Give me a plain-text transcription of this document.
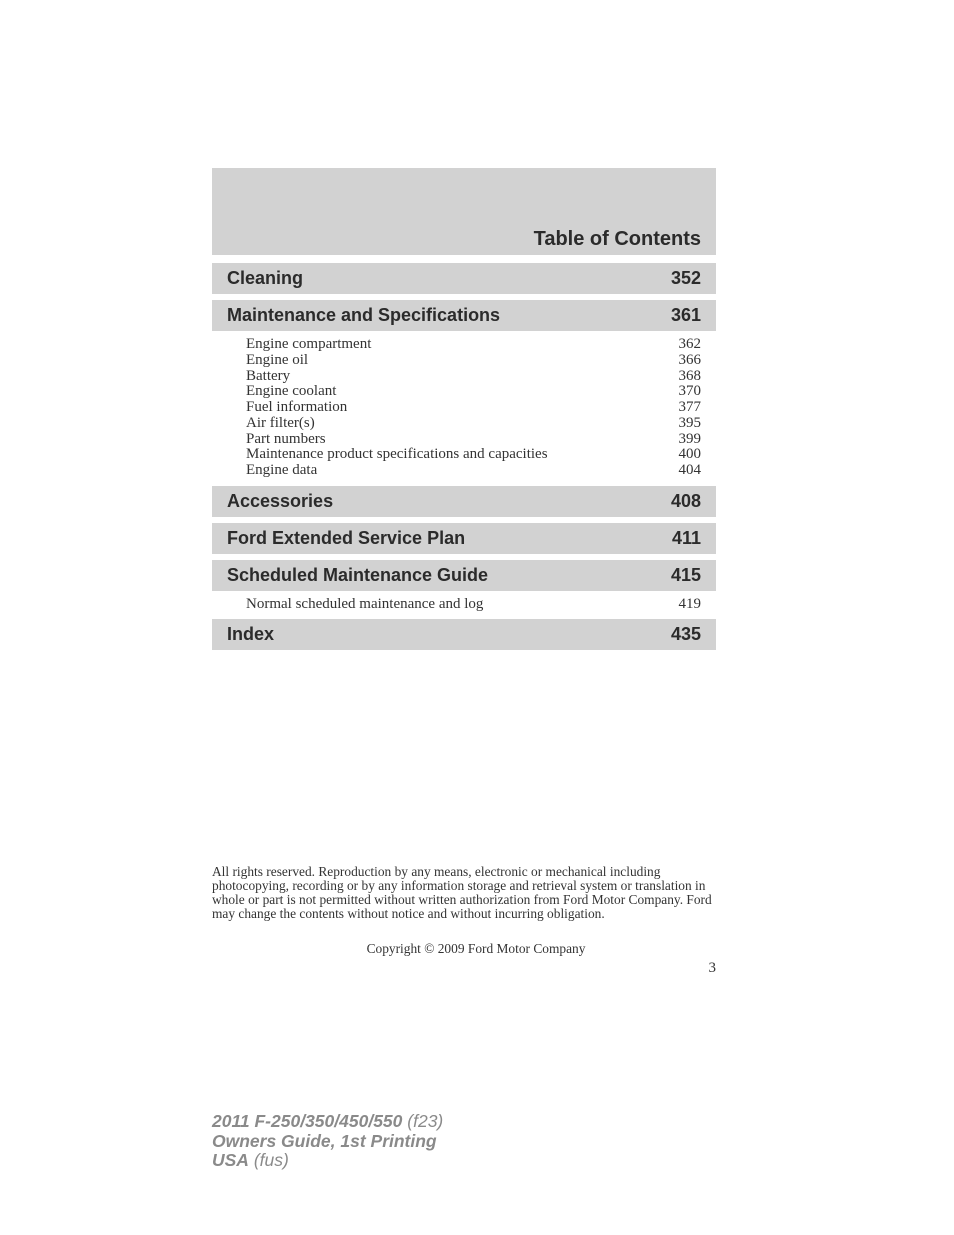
Table of Contents
Cleaning	352
Maintenance and Specifications	361
Engine compartment	362
Engine oil	366
Battery	368
Engine coolant	370
Fuel information	377
Air filter(s)	395
Part numbers	399
Maintenance product specifications and capacities	400
Engine data	404
Accessories	408
Ford Extended Service Plan	411
Scheduled Maintenance Guide	415
Normal scheduled maintenance and log	419
Index	435

All rights reserved. Reproduction by any means, electronic or mechanical including photocopying, recording or by any information storage and retrieval system or translation in whole or part is not permitted without written authorization from Ford Motor Company. Ford may change the contents without notice and without incurring obligation.

Copyright © 2009 Ford Motor Company
3
2011 F-250/350/450/550 (f23)
Owners Guide, 1st Printing
USA (fus)
